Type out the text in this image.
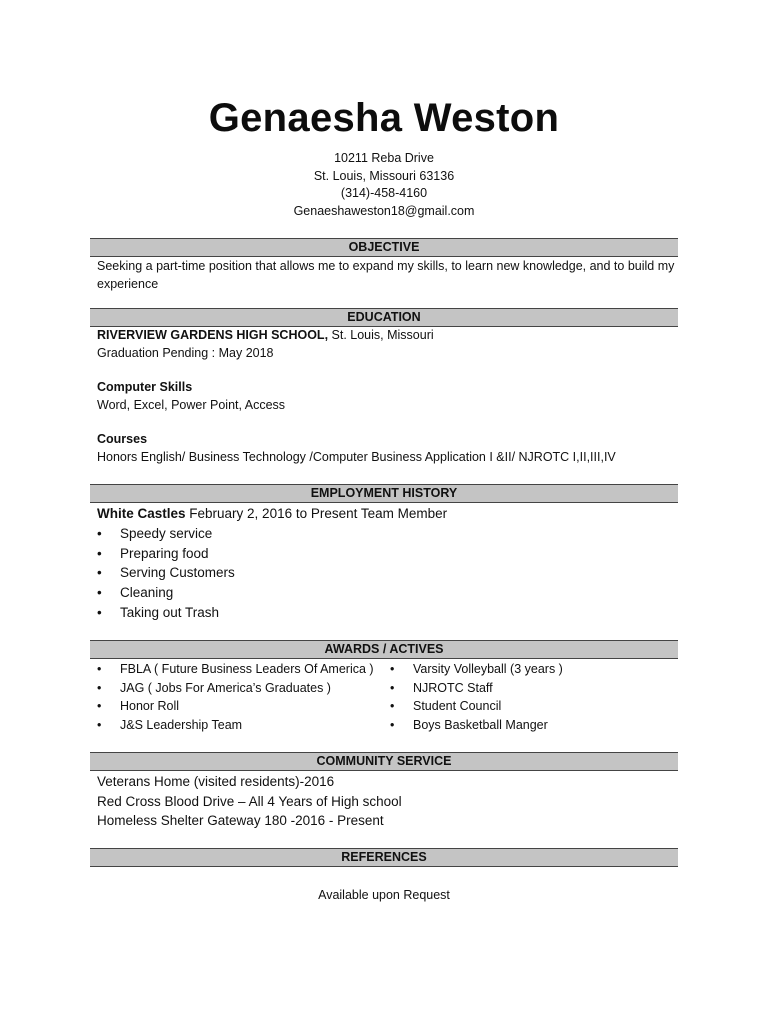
Genaesha Weston
10211 Reba Drive
St. Louis, Missouri 63136
(314)-458-4160
Genaeshaweston18@gmail.com
OBJECTIVE
Seeking a part-time position that allows me to expand my skills, to learn new knowledge, and to build my experience
EDUCATION
RIVERVIEW GARDENS HIGH SCHOOL, St. Louis, Missouri
Graduation Pending : May 2018
Computer Skills
Word, Excel, Power Point, Access
Courses
Honors English/ Business Technology /Computer Business Application I &II/ NJROTC I,II,III,IV
EMPLOYMENT HISTORY
White Castles February 2, 2016 to Present Team Member
• Speedy service
• Preparing food
• Serving Customers
• Cleaning
• Taking out Trash
AWARDS / ACTIVES
• FBLA ( Future Business Leaders Of America )
• JAG ( Jobs For America’s Graduates )
• Honor Roll
• J&S Leadership Team
• Varsity Volleyball (3 years )
• NJROTC Staff
• Student Council
• Boys Basketball Manger
COMMUNITY SERVICE
Veterans Home (visited residents)-2016
Red Cross Blood Drive – All 4 Years of High school
Homeless Shelter Gateway 180 -2016 - Present
REFERENCES
Available upon Request
